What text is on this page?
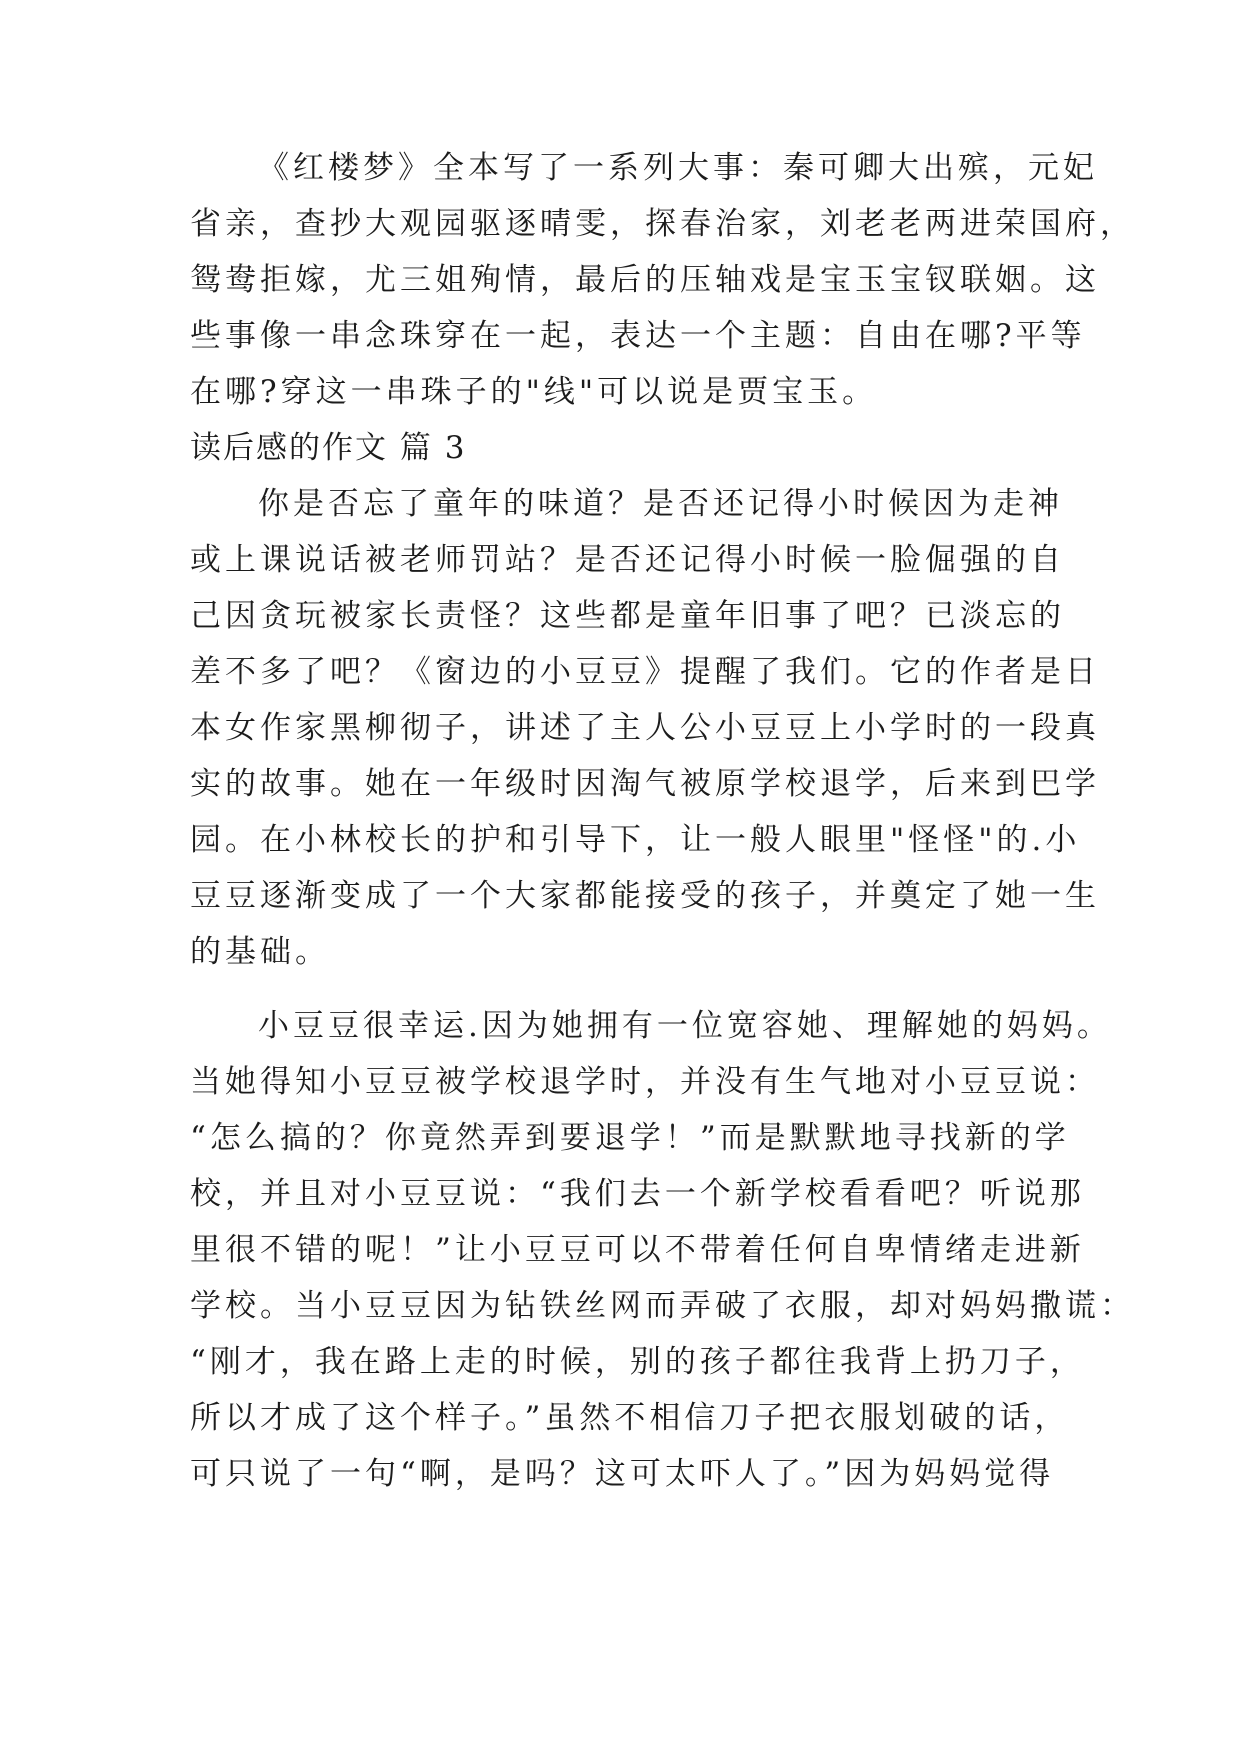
《红楼梦》全本写了一系列大事：秦可卿大出殡，元妃
省亲，查抄大观园驱逐晴雯，探春治家，刘老老两进荣国府，
鸳鸯拒嫁，尤三姐殉情，最后的压轴戏是宝玉宝钗联姻。这
些事像一串念珠穿在一起，表达一个主题：自由在哪?平等
在哪?穿这一串珠子的"线"可以说是贾宝玉。
读后感的作文 篇 3
你是否忘了童年的味道？是否还记得小时候因为走神
或上课说话被老师罚站？是否还记得小时候一脸倔强的自
己因贪玩被家长责怪？这些都是童年旧事了吧？已淡忘的
差不多了吧？《窗边的小豆豆》提醒了我们。它的作者是日
本女作家黑柳彻子，讲述了主人公小豆豆上小学时的一段真
实的故事。她在一年级时因淘气被原学校退学，后来到巴学
园。在小林校长的护和引导下，让一般人眼里"怪怪"的.小
豆豆逐渐变成了一个大家都能接受的孩子，并奠定了她一生
的基础。
小豆豆很幸运.因为她拥有一位宽容她、理解她的妈妈。
当她得知小豆豆被学校退学时，并没有生气地对小豆豆说：
“怎么搞的？你竟然弄到要退学！”而是默默地寻找新的学
校，并且对小豆豆说：“我们去一个新学校看看吧？听说那
里很不错的呢！”让小豆豆可以不带着任何自卑情绪走进新
学校。当小豆豆因为钻铁丝网而弄破了衣服，却对妈妈撒谎：
“刚才，我在路上走的时候，别的孩子都往我背上扔刀子，
所以才成了这个样子。”虽然不相信刀子把衣服划破的话，
可只说了一句“啊，是吗？这可太吓人了。”因为妈妈觉得
